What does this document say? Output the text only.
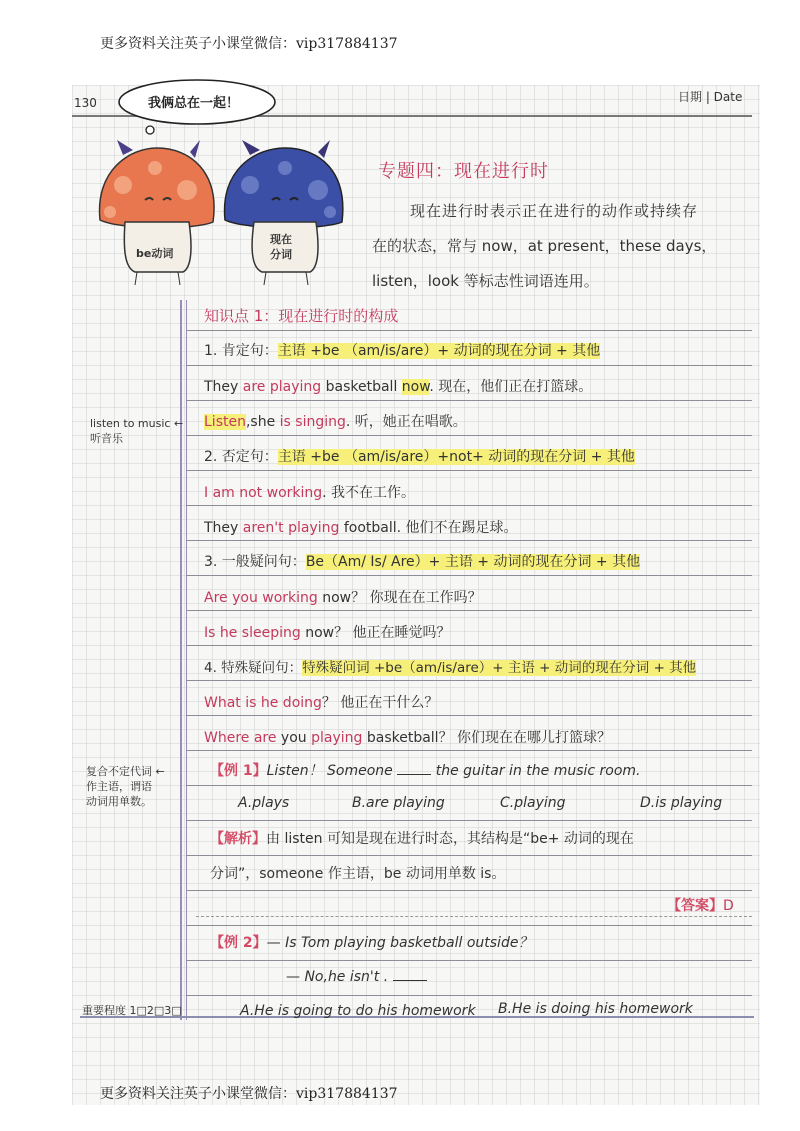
更多资料关注英子小课堂微信：vip317884137
130	日期 | Date
我俩总在一起！
be动词
现在
分词
专题四：现在进行时
现在进行时表示正在进行的动作或持续存
在的状态，常与 now，at present，these days，
listen，look 等标志性词语连用。
知识点 1：现在进行时的构成
1. 肯定句：主语 +be （am/is/are）+ 动词的现在分词 + 其他
They are playing basketball now. 现在，他们正在打篮球。
Listen,she is singing. 听，她正在唱歌。
listen to music ←
听音乐
2. 否定句：主语 +be （am/is/are）+not+ 动词的现在分词 + 其他
I am not working. 我不在工作。
They aren't playing football. 他们不在踢足球。
3. 一般疑问句：Be（Am/ Is/ Are）+ 主语 + 动词的现在分词 + 其他
Are you working now？ 你现在在工作吗？
Is he sleeping now？ 他正在睡觉吗？
4. 特殊疑问句：特殊疑问词 +be（am/is/are）+ 主语 + 动词的现在分词 + 其他
What is he doing？ 他正在干什么？
Where are you playing basketball？ 你们现在在哪儿打篮球？
复合不定代词 ←
作主语，谓语
动词用单数。
【例 1】Listen！ Someone	the guitar in the music room.
A.plays	B.are playing	C.playing	D.is playing
【解析】由 listen 可知是现在进行时态，其结构是“be+ 动词的现在
分词”，someone 作主语，be 动词用单数 is。
【答案】D
【例 2】— Is Tom playing basketball outside？
— No,he isn't .
A.He is going to do his homework B.He is doing his homework
重要程度 1□2□3□
更多资料关注英子小课堂微信：vip317884137
